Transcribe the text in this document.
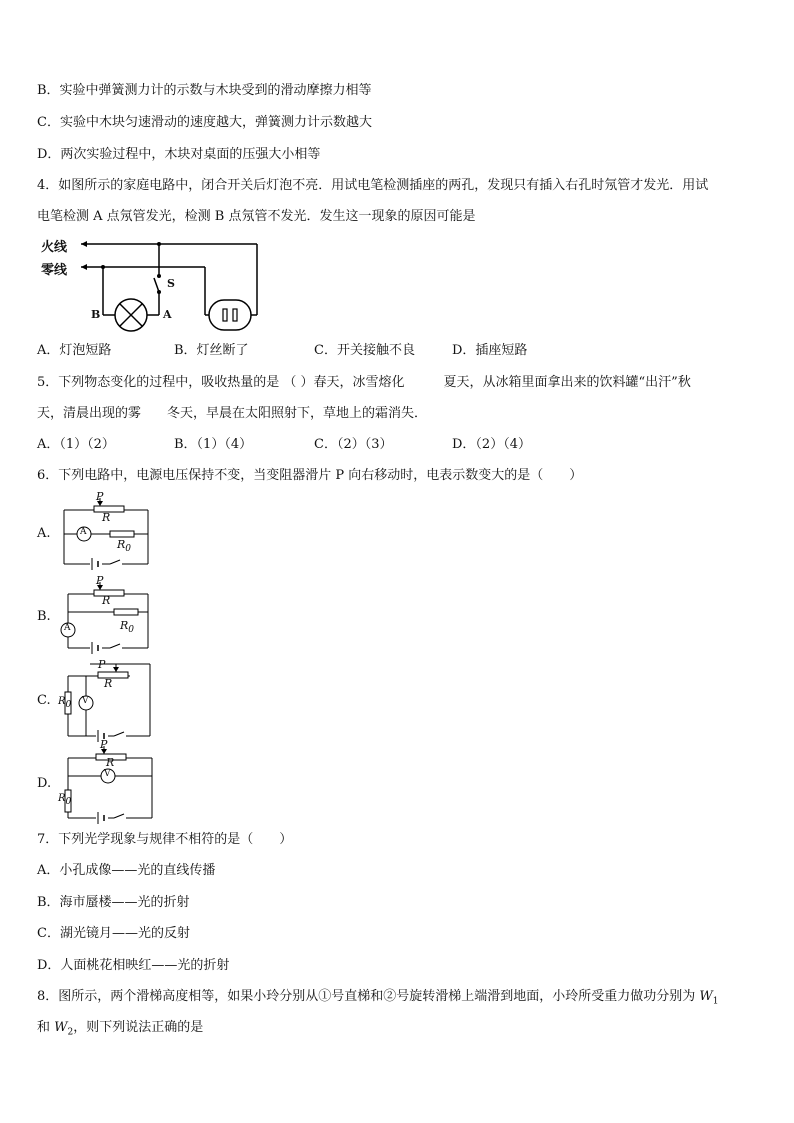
B．实验中弹簧测力计的示数与木块受到的滑动摩擦力相等
C．实验中木块匀速滑动的速度越大，弹簧测力计示数越大
D．两次实验过程中，木块对桌面的压强大小相等
4．如图所示的家庭电路中，闭合开关后灯泡不亮．用试电笔检测插座的两孔，发现只有插入右孔时氖管才发光．用试
电笔检测 A 点氖管发光，检测 B 点氖管不发光．发生这一现象的原因可能是
火线
零线
B	A
S
A．灯泡短路	B．灯丝断了	C．开关接触不良	D．插座短路
5．下列物态变化的过程中，吸收热量的是 （ ）春天，冰雪熔化　　　夏天，从冰箱里面拿出来的饮料罐“出汗”秋
天，清晨出现的雾　　冬天，早晨在太阳照射下，草地上的霜消失．
A．（1）（2）	B．（1）（4）	C．（2）（3）	D．（2）（4）
6．下列电路中，电源电压保持不变，当变阻器滑片 P 向右移动时，电表示数变大的是（　　）
A.
P
R
A
$R_0$
B.
P
R
A	$R_0$
C.
P
R
V
$R_0$
D.
P
R
V
$R_0$
7．下列光学现象与规律不相符的是（　　）
A．小孔成像——光的直线传播
B．海市蜃楼——光的折射
C．湖光镜月——光的反射
D．人面桃花相映红——光的折射
8．图所示，两个滑梯高度相等，如果小玲分别从①号直梯和②号旋转滑梯上端滑到地面，小玲所受重力做功分别为 $W_1$
和 $W_2$，则下列说法正确的是
